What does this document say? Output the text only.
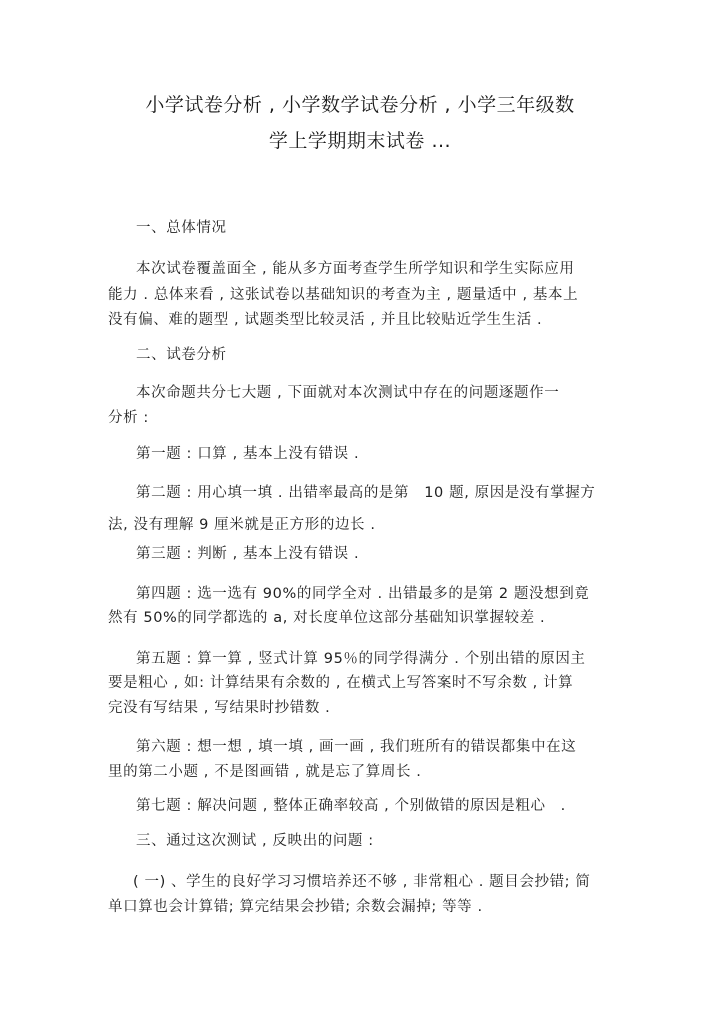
小学试卷分析 , 小学数学试卷分析 , 小学三年级数
学上学期期末试卷 ...
一、总体情况
本次试卷覆盖面全 , 能从多方面考查学生所学知识和学生实际应用
能力 . 总体来看 , 这张试卷以基础知识的考查为主 , 题量适中 , 基本上
没有偏、难的题型 , 试题类型比较灵活 , 并且比较贴近学生生活 .
二、试卷分析
本次命题共分七大题 , 下面就对本次测试中存在的问题逐题作一
分析 :
第一题 : 口算 , 基本上没有错误 .
第二题 : 用心填一填 . 出错率最高的是第　10 题, 原因是没有掌握方
法, 没有理解 9 厘米就是正方形的边长 .
第三题 : 判断 , 基本上没有错误 .
第四题 : 选一选有 90%的同学全对 . 出错最多的是第 2 题没想到竟
然有 50%的同学都选的 a, 对长度单位这部分基础知识掌握较差 .
第五题 : 算一算 , 竖式计算 95％的同学得满分 . 个别出错的原因主
要是粗心 , 如: 计算结果有余数的 , 在横式上写答案时不写余数 , 计算
完没有写结果 , 写结果时抄错数 .
第六题 : 想一想 , 填一填 , 画一画 , 我们班所有的错误都集中在这
里的第二小题 , 不是图画错 , 就是忘了算周长 .
第七题 : 解决问题 , 整体正确率较高 , 个别做错的原因是粗心　.
三、通过这次测试 , 反映出的问题 :
( 一) 、学生的良好学习习惯培养还不够 , 非常粗心 . 题目会抄错; 简
单口算也会计算错; 算完结果会抄错; 余数会漏掉; 等等 .
